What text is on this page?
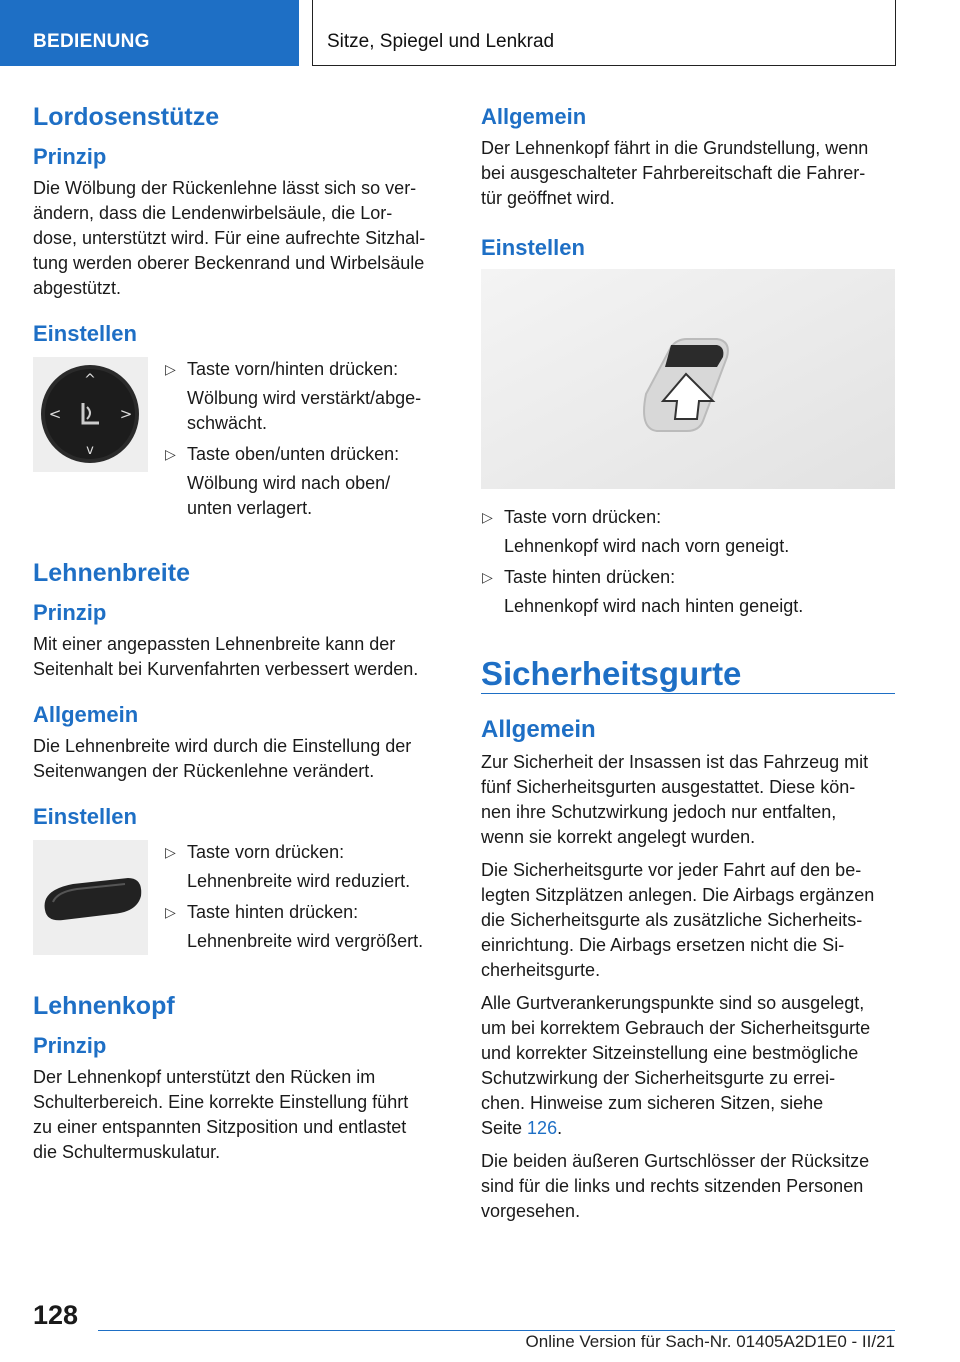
BEDIENUNG	Sitze, Spiegel und Lenkrad
Lordosenstütze
Prinzip

Die Wölbung der Rückenlehne lässt sich so ver‐
ändern, dass die Lendenwirbelsäule, die Lor‐
dose, unterstützt wird. Für eine aufrechte Sitzhal‐
tung werden oberer Beckenrand und Wirbelsäule
abgestützt.

Einstellen
^
v
<	>
▷ Taste vorn/hinten drücken:
Wölbung wird verstärkt/abge‐
schwächt.
▷ Taste oben/unten drücken:
Wölbung wird nach oben/
unten verlagert.
Lehnenbreite
Prinzip

Mit einer angepassten Lehnenbreite kann der
Seitenhalt bei Kurvenfahrten verbessert werden.

Allgemein

Die Lehnenbreite wird durch die Einstellung der
Seitenwangen der Rückenlehne verändert.

Einstellen
▷ Taste vorn drücken:
Lehnenbreite wird reduziert.
▷ Taste hinten drücken:
Lehnenbreite wird vergrößert.
Lehnenkopf
Prinzip

Der Lehnenkopf unterstützt den Rücken im
Schulterbereich. Eine korrekte Einstellung führt
zu einer entspannten Sitzposition und entlastet
die Schultermuskulatur.

Allgemein

Der Lehnenkopf fährt in die Grundstellung, wenn
bei ausgeschalteter Fahrbereitschaft die Fahrer‐
tür geöffnet wird.

Einstellen
▷ Taste vorn drücken:
Lehnenkopf wird nach vorn geneigt.
▷ Taste hinten drücken:
Lehnenkopf wird nach hinten geneigt.
Sicherheitsgurte
Allgemein

Zur Sicherheit der Insassen ist das Fahrzeug mit
fünf Sicherheitsgurten ausgestattet. Diese kön‐
nen ihre Schutzwirkung jedoch nur entfalten,
wenn sie korrekt angelegt wurden.

Die Sicherheitsgurte vor jeder Fahrt auf den be‐
legten Sitzplätzen anlegen. Die Airbags ergänzen
die Sicherheitsgurte als zusätzliche Sicherheits‐
einrichtung. Die Airbags ersetzen nicht die Si‐
cherheitsgurte.

Alle Gurtverankerungspunkte sind so ausgelegt,
um bei korrektem Gebrauch der Sicherheitsgurte
und korrekter Sitzeinstellung eine bestmögliche
Schutzwirkung der Sicherheitsgurte zu errei‐
chen. Hinweise zum sicheren Sitzen, siehe
Seite 126.

Die beiden äußeren Gurtschlösser der Rücksitze
sind für die links und rechts sitzenden Personen
vorgesehen.

128
Online Version für Sach-Nr. 01405A2D1E0 - II/21
